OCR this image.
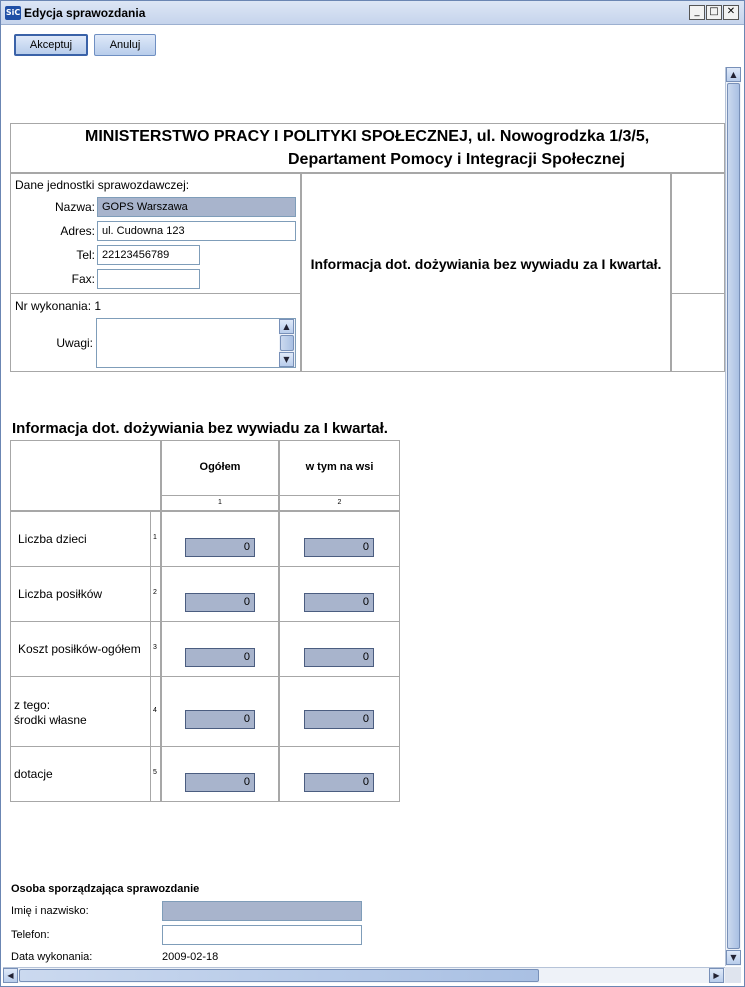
SiC Edycja sprawozdania	_ □ ✕
Akceptuj	Anuluj
MINISTERSTWO PRACY I POLITYKI SPOŁECZNEJ, ul. Nowogrodzka 1/3/5,
Departament Pomocy i Integracji Społecznej
Dane jednostki sprawozdawczej:
Nazwa: GOPS Warszawa
Adres: ul. Cudowna 123
Tel: 22123456789
Fax:
Informacja dot. dożywiania bez wywiadu za I kwartał.
Nr wykonania: 1
Uwagi:
▲
▼
Informacja dot. dożywiania bez wywiadu za I kwartał.
Ogółem	w tym na wsi
1	2
Liczba dzieci	1
0	0
Liczba posiłków	2
0	0
Koszt posiłków-ogółem 3
0	0
z tego:
środki własne
4
0	0
dotacje	5
0	0
Osoba sporządzająca sprawozdanie
Imię i nazwisko:
Telefon:
Data wykonania:	2009-02-18
▲
▼
◀	▶
